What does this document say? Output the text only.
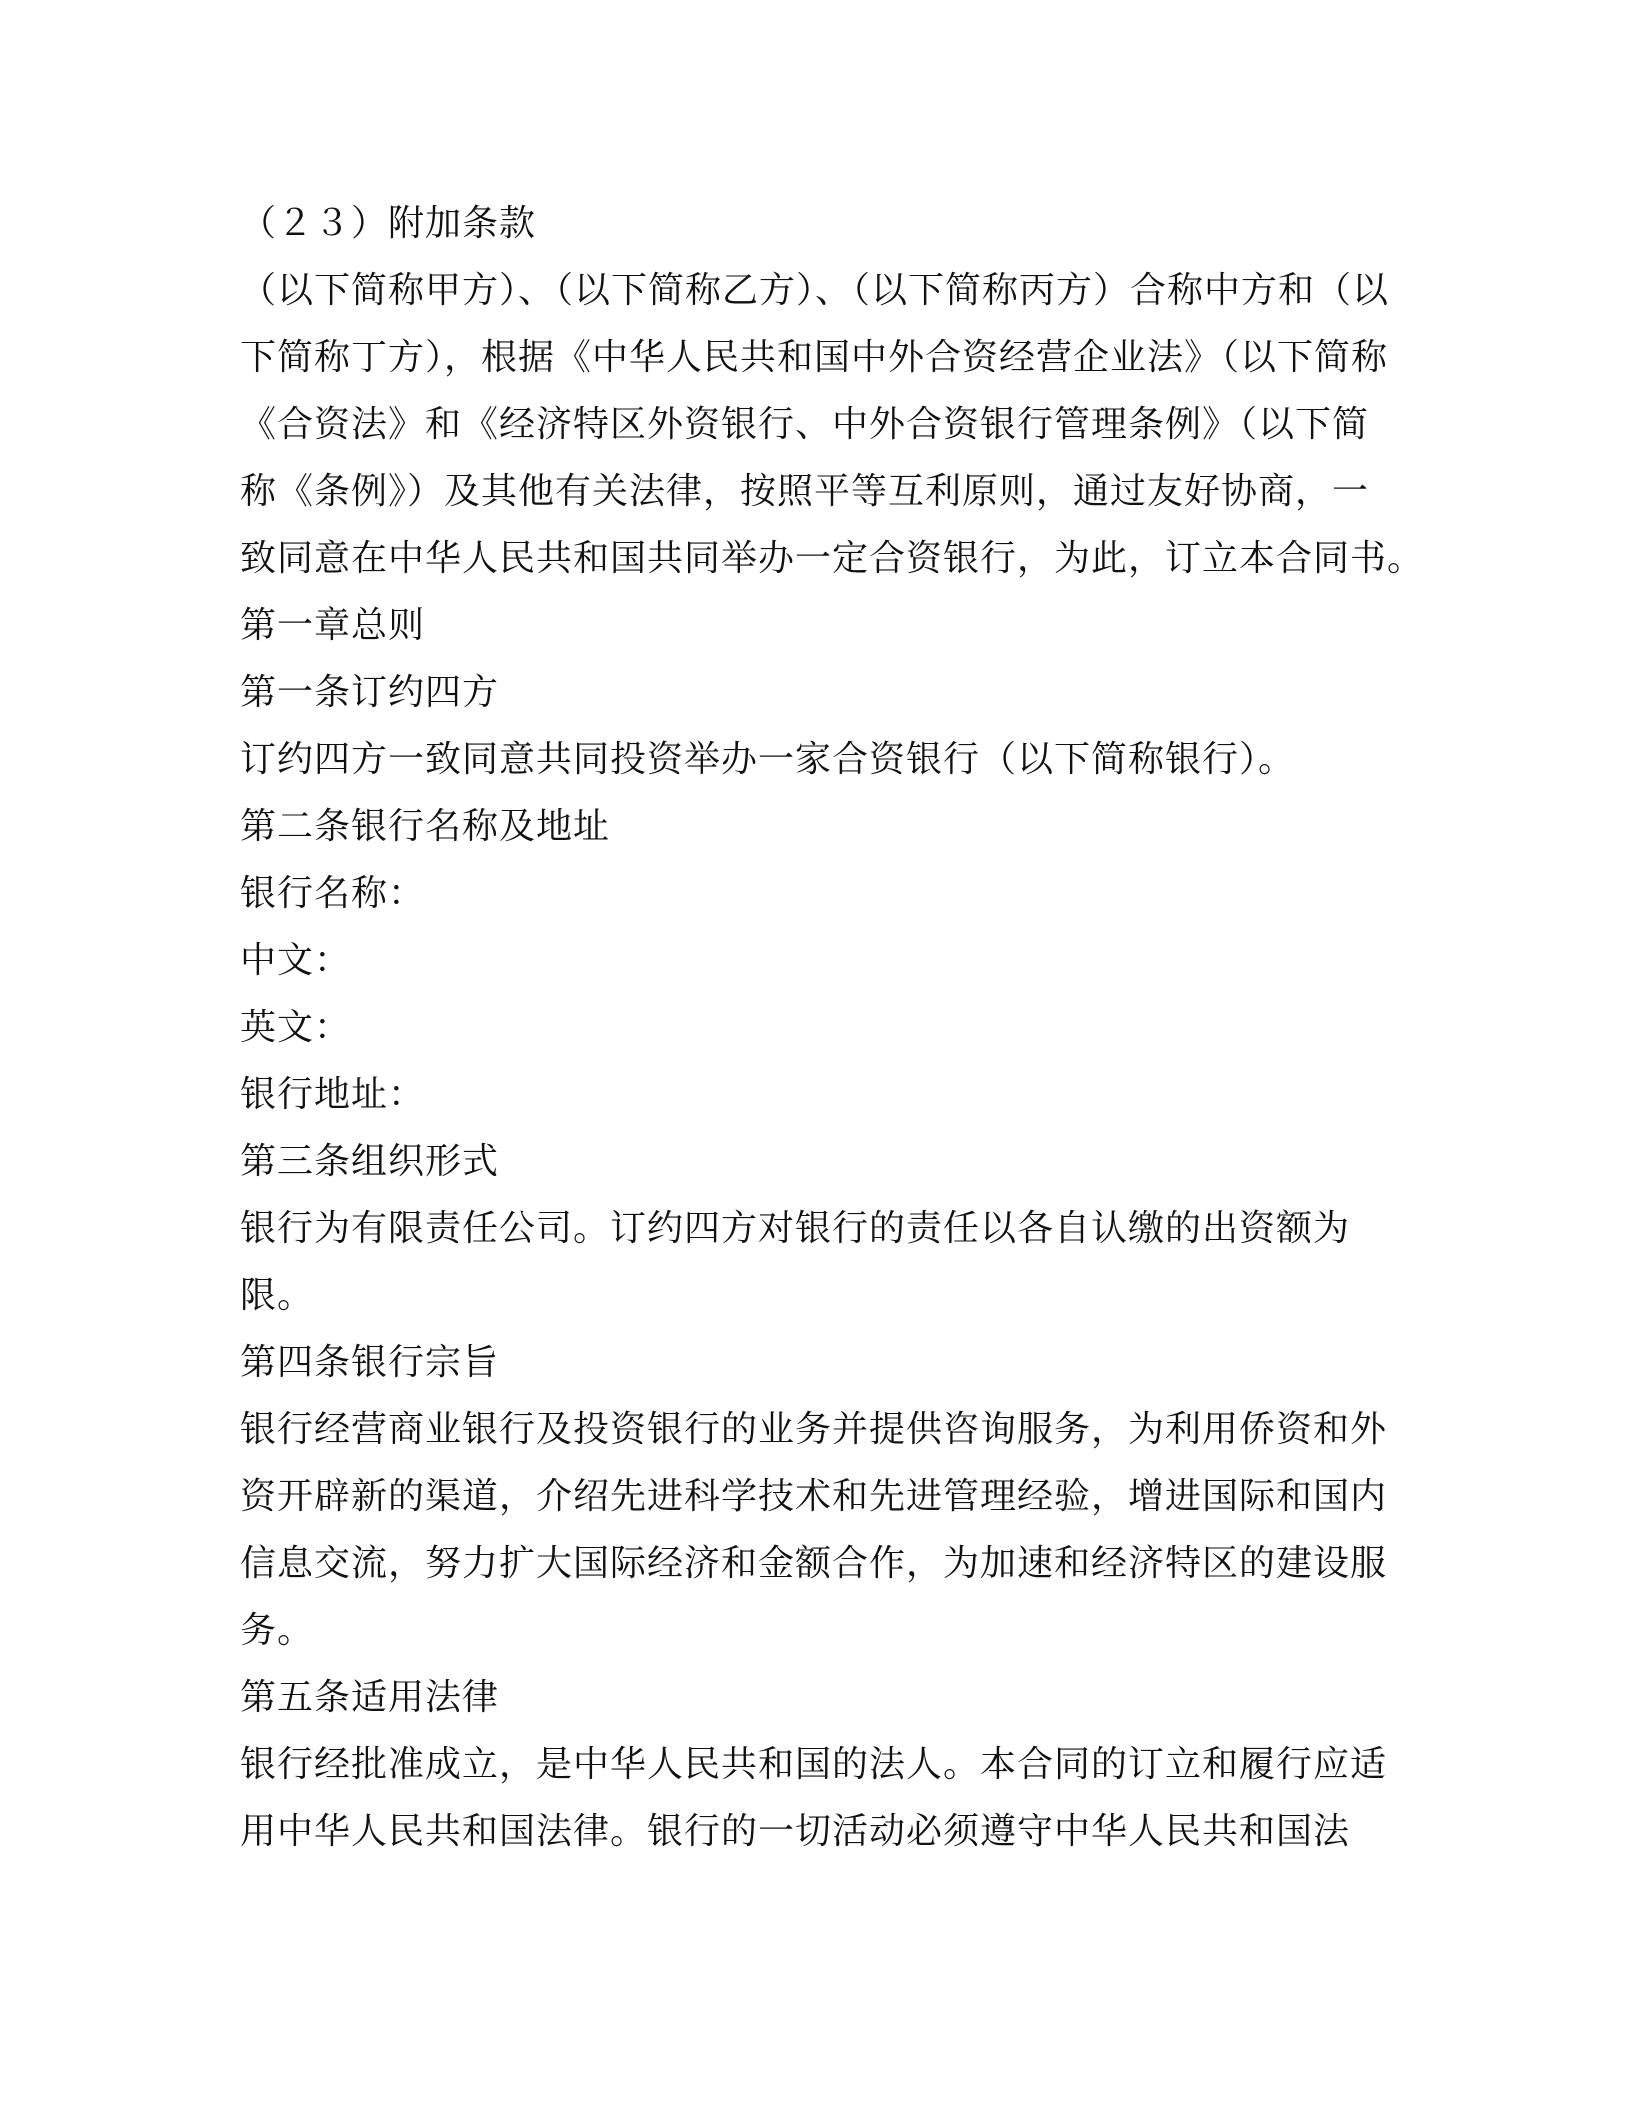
（２３）附加条款
（以下简称甲方）、（以下简称乙方）、（以下简称丙方）合称中方和（以
下简称丁方），根据《中华人民共和国中外合资经营企业法》（以下简称
《合资法》和《经济特区外资银行、中外合资银行管理条例》（以下简
称《条例》）及其他有关法律，按照平等互利原则，通过友好协商，一
致同意在中华人民共和国共同举办一定合资银行，为此，订立本合同书。
第一章总则
第一条订约四方
订约四方一致同意共同投资举办一家合资银行（以下简称银行）。
第二条银行名称及地址
银行名称：
中文：
英文：
银行地址：
第三条组织形式
银行为有限责任公司。订约四方对银行的责任以各自认缴的出资额为
限。
第四条银行宗旨
银行经营商业银行及投资银行的业务并提供咨询服务，为利用侨资和外
资开辟新的渠道，介绍先进科学技术和先进管理经验，增进国际和国内
信息交流，努力扩大国际经济和金额合作，为加速和经济特区的建设服
务。
第五条适用法律
银行经批准成立，是中华人民共和国的法人。本合同的订立和履行应适
用中华人民共和国法律。银行的一切活动必须遵守中华人民共和国法
